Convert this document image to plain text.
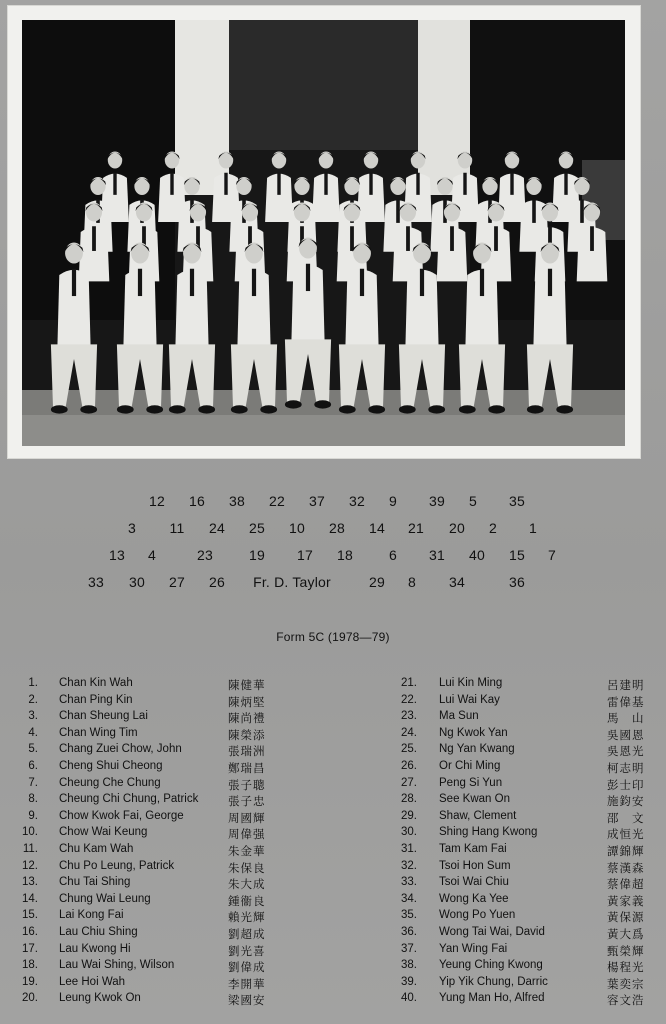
12 16 38 22 37 32 9 39 5 35
3 11 24 25 10 28 14 21 20 2 1
13 4	23	19 17 18	6 31 40 15 7
33 30 27 26 Fr. D. Taylor	29 8 34	36
Form 5C (1978—79)
1. Chan Kin Wah	陳健華
2. Chan Ping Kin	陳炳堅
3. Chan Sheung Lai	陳尚禮
4. Chan Wing Tim	陳榮添
5. Chang Zuei Chow, John	張瑞洲
6. Cheng Shui Cheong	鄭瑞昌
7. Cheung Che Chung	張子聰
8. Cheung Chi Chung, Patrick	張子忠
9. Chow Kwok Fai, George	周國輝
10. Chow Wai Keung	周偉强
11. Chu Kam Wah	朱金華
12. Chu Po Leung, Patrick	朱保良
13. Chu Tai Shing	朱大成
14. Chung Wai Leung	鍾衞良
15. Lai Kong Fai	賴光輝
16. Lau Chiu Shing	劉超成
17. Lau Kwong Hi	劉光喜
18. Lau Wai Shing, Wilson	劉偉成
19. Lee Hoi Wah	李開華
20. Leung Kwok On	梁國安
21. Lui Kin Ming	呂建明
22. Lui Wai Kay	雷偉基
23. Ma Sun	馬　山
24. Ng Kwok Yan	吳國恩
25. Ng Yan Kwang	吳恩光
26. Or Chi Ming	柯志明
27. Peng Si Yun	彭士印
28. See Kwan On	施鈞安
29. Shaw, Clement	邵　文
30. Shing Hang Kwong	成恒光
31. Tam Kam Fai	譚錦輝
32. Tsoi Hon Sum	蔡漢森
33. Tsoi Wai Chiu	蔡偉超
34. Wong Ka Yee	黃家義
35. Wong Po Yuen	黃保源
36. Wong Tai Wai, David	黃大爲
37. Yan Wing Fai	甄榮輝
38. Yeung Ching Kwong	楊程光
39. Yip Yik Chung, Darric	葉奕宗
40. Yung Man Ho, Alfred	容文浩
